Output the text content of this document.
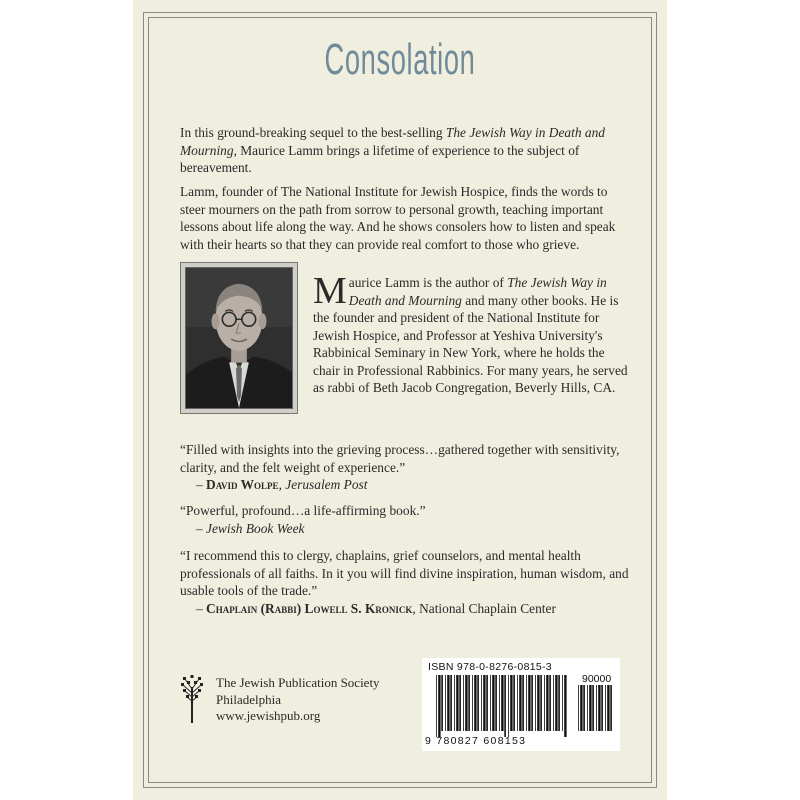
Consolation
In this ground-breaking sequel to the best-selling The Jewish Way in Death and Mourning, Maurice Lamm brings a lifetime of experience to the subject of bereavement.
Lamm, founder of The National Institute for Jewish Hospice, finds the words to steer mourners on the path from sorrow to personal growth, teaching important lessons about life along the way. And he shows consolers how to listen and speak with their hearts so that they can provide real comfort to those who grieve.
Maurice Lamm is the author of The Jewish Way in Death and Mourning and many other books. He is the founder and president of the National Institute for Jewish Hospice, and Professor at Yeshiva University's Rabbinical Seminary in New York, where he holds the chair in Professional Rabbinics. For many years, he served as rabbi of Beth Jacob Congregation, Beverly Hills, CA.
“Filled with insights into the grieving process…gathered together with sensitivity, clarity, and the felt weight of experience.”
– David Wolpe, Jerusalem Post
“Powerful, profound…a life-affirming book.”
– Jewish Book Week
“I recommend this to clergy, chaplains, grief counselors, and mental health professionals of all faiths. In it you will find divine inspiration, human wisdom, and usable tools of the trade.”
– Chaplain (Rabbi) Lowell S. Kronick, National Chaplain Center
The Jewish Publication Society
Philadelphia
www.jewishpub.org
ISBN 978-0-8276-0815-3
90000
9 780827 608153
